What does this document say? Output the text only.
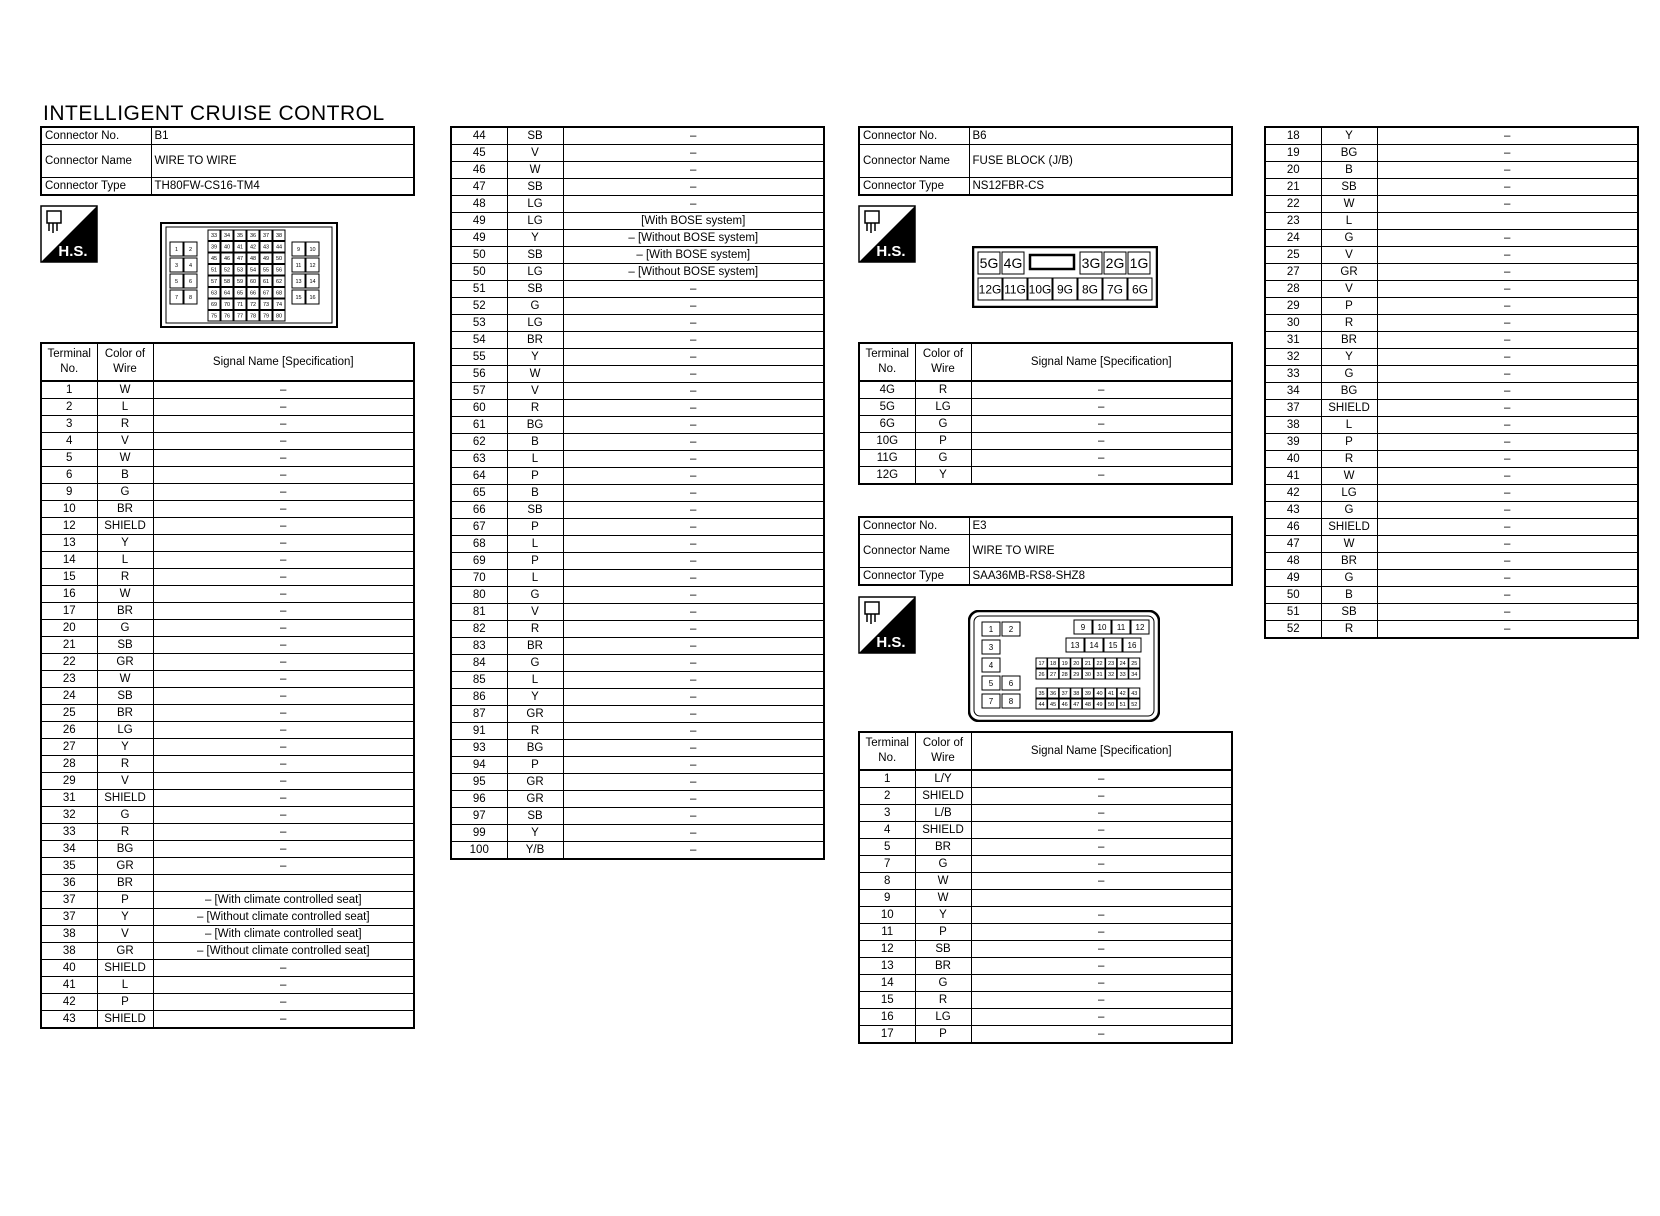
INTELLIGENT CRUISE CONTROL
Connector No.	B1
Connector Name	WIRE TO WIRE
Connector Type	TH80FW-CS16-TM4
H.S.
33 34 35 36 37 38
39 40 41 42 43 44
45 46 47 48 49 50
51 52 53 54 55 56
57 58 59 60 61 62
63 64 65 66 67 68
69 70 71 72 73 74
75 76 77 78 79 80
1	9
2	10
3	11
4	12
5	13
6	14
7	15
8	16
Terminal No.	Color of Wire	Signal Name [Specification]
1	W	–
2	L	–
3	R	–
4	V	–
5	W	–
6	B	–
9	G	–
10	BR	–
12	SHIELD	–
13	Y	–
14	L	–
15	R	–
16	W	–
17	BR	–
20	G	–
21	SB	–
22	GR	–
23	W	–
24	SB	–
25	BR	–
26	LG	–
27	Y	–
28	R	–
29	V	–
31	SHIELD	–
32	G	–
33	R	–
34	BG	–
35	GR	–
36	BR	
37	P	– [With climate controlled seat]
37	Y	– [Without climate controlled seat]
38	V	– [With climate controlled seat]
38	GR	– [Without climate controlled seat]
40	SHIELD	–
41	L	–
42	P	–
43	SHIELD	–
44	SB	–
45	V	–
46	W	–
47	SB	–
48	LG	–
49	LG	[With BOSE system]
49	Y	– [Without BOSE system]
50	SB	– [With BOSE system]
50	LG	– [Without BOSE system]
51	SB	–
52	G	–
53	LG	–
54	BR	–
55	Y	–
56	W	–
57	V	–
60	R	–
61	BG	–
62	B	–
63	L	–
64	P	–
65	B	–
66	SB	–
67	P	–
68	L	–
69	P	–
70	L	–
80	G	–
81	V	–
82	R	–
83	BR	–
84	G	–
85	L	–
86	Y	–
87	GR	–
91	R	–
93	BG	–
94	P	–
95	GR	–
96	GR	–
97	SB	–
99	Y	–
100	Y/B	–
Connector No.	B6
Connector Name	FUSE BLOCK (J/B)
Connector Type	NS12FBR-CS
H.S.
5G 4G	3G 2G 1G
12G 11G 10G 9G 8G 7G 6G
Terminal No.	Color of Wire	Signal Name [Specification]
4G	R	–
5G	LG	–
6G	G	–
10G	P	–
11G	G	–
12G	Y	–
Connector No.	E3
Connector Name	WIRE TO WIRE
Connector Type	SAA36MB-RS8-SHZ8
H.S.
1 2
3
4
5 6
7 8
9 10 11 12
13 14 15 16
17 18 19 20 21 22 23 24 25
26 27 28 29 30 31 32 33 34
35 36 37 38 39 40 41 42 43
44 45 46 47 48 49 50 51 52
Terminal No.	Color of Wire	Signal Name [Specification]
1	L/Y	–
2	SHIELD	–
3	L/B	–
4	SHIELD	–
5	BR	–
7	G	–
8	W	–
9	W	
10	Y	–
11	P	–
12	SB	–
13	BR	–
14	G	–
15	R	–
16	LG	–
17	P	–
18	Y	–
19	BG	–
20	B	–
21	SB	–
22	W	–
23	L	
24	G	–
25	V	–
27	GR	–
28	V	–
29	P	–
30	R	–
31	BR	–
32	Y	–
33	G	–
34	BG	–
37	SHIELD	–
38	L	–
39	P	–
40	R	–
41	W	–
42	LG	–
43	G	–
46	SHIELD	–
47	W	–
48	BR	–
49	G	–
50	B	–
51	SB	–
52	R	–
